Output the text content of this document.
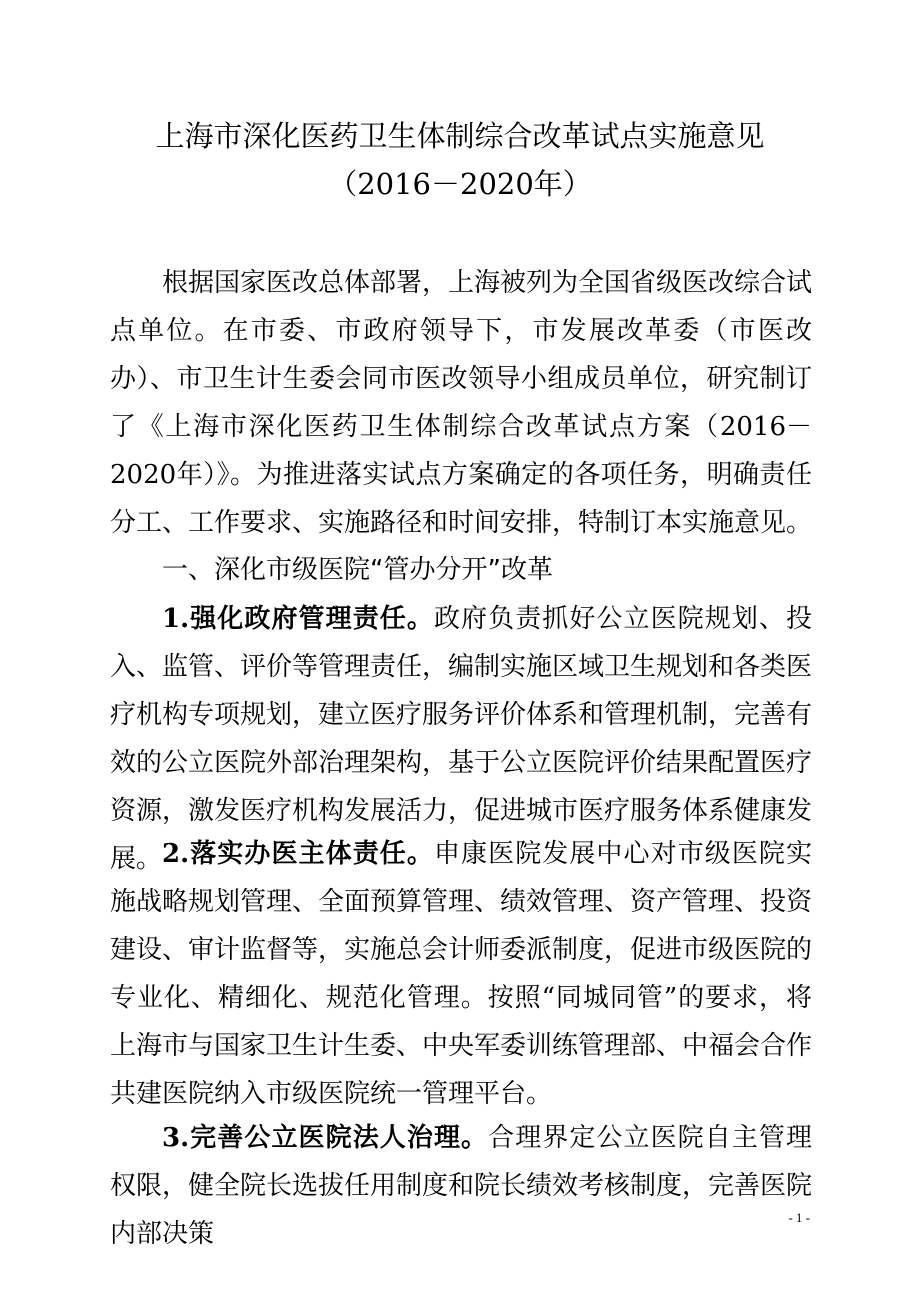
上海市深化医药卫生体制综合改革试点实施意见
（2016－2020年）

根据国家医改总体部署，上海被列为全国省级医改综合试点单位。在市委、市政府领导下，市发展改革委（市医改办）、市卫生计生委会同市医改领导小组成员单位，研究制订了《上海市深化医药卫生体制综合改革试点方案（2016－2020年）》。为推进落实试点方案确定的各项任务，明确责任分工、工作要求、实施路径和时间安排，特制订本实施意见。

一、深化市级医院“管办分开”改革

1.强化政府管理责任。政府负责抓好公立医院规划、投入、监管、评价等管理责任，编制实施区域卫生规划和各类医疗机构专项规划，建立医疗服务评价体系和管理机制，完善有效的公立医院外部治理架构，基于公立医院评价结果配置医疗资源，激发医疗机构发展活力，促进城市医疗服务体系健康发展。 2.落实办医主体责任。申康医院发展中心对市级医院实施战略规划管理、全面预算管理、绩效管理、资产管理、投资建设、审计监督等，实施总会计师委派制度，促进市级医院的专业化、精细化、规范化管理。按照“同城同管”的要求，将上海市与国家卫生计生委、中央军委训练管理部、中福会合作共建医院纳入市级医院统一管理平台。

3.完善公立医院法人治理。合理界定公立医院自主管理权限，健全院长选拔任用制度和院长绩效考核制度，完善医院内部决策

- 1 -
